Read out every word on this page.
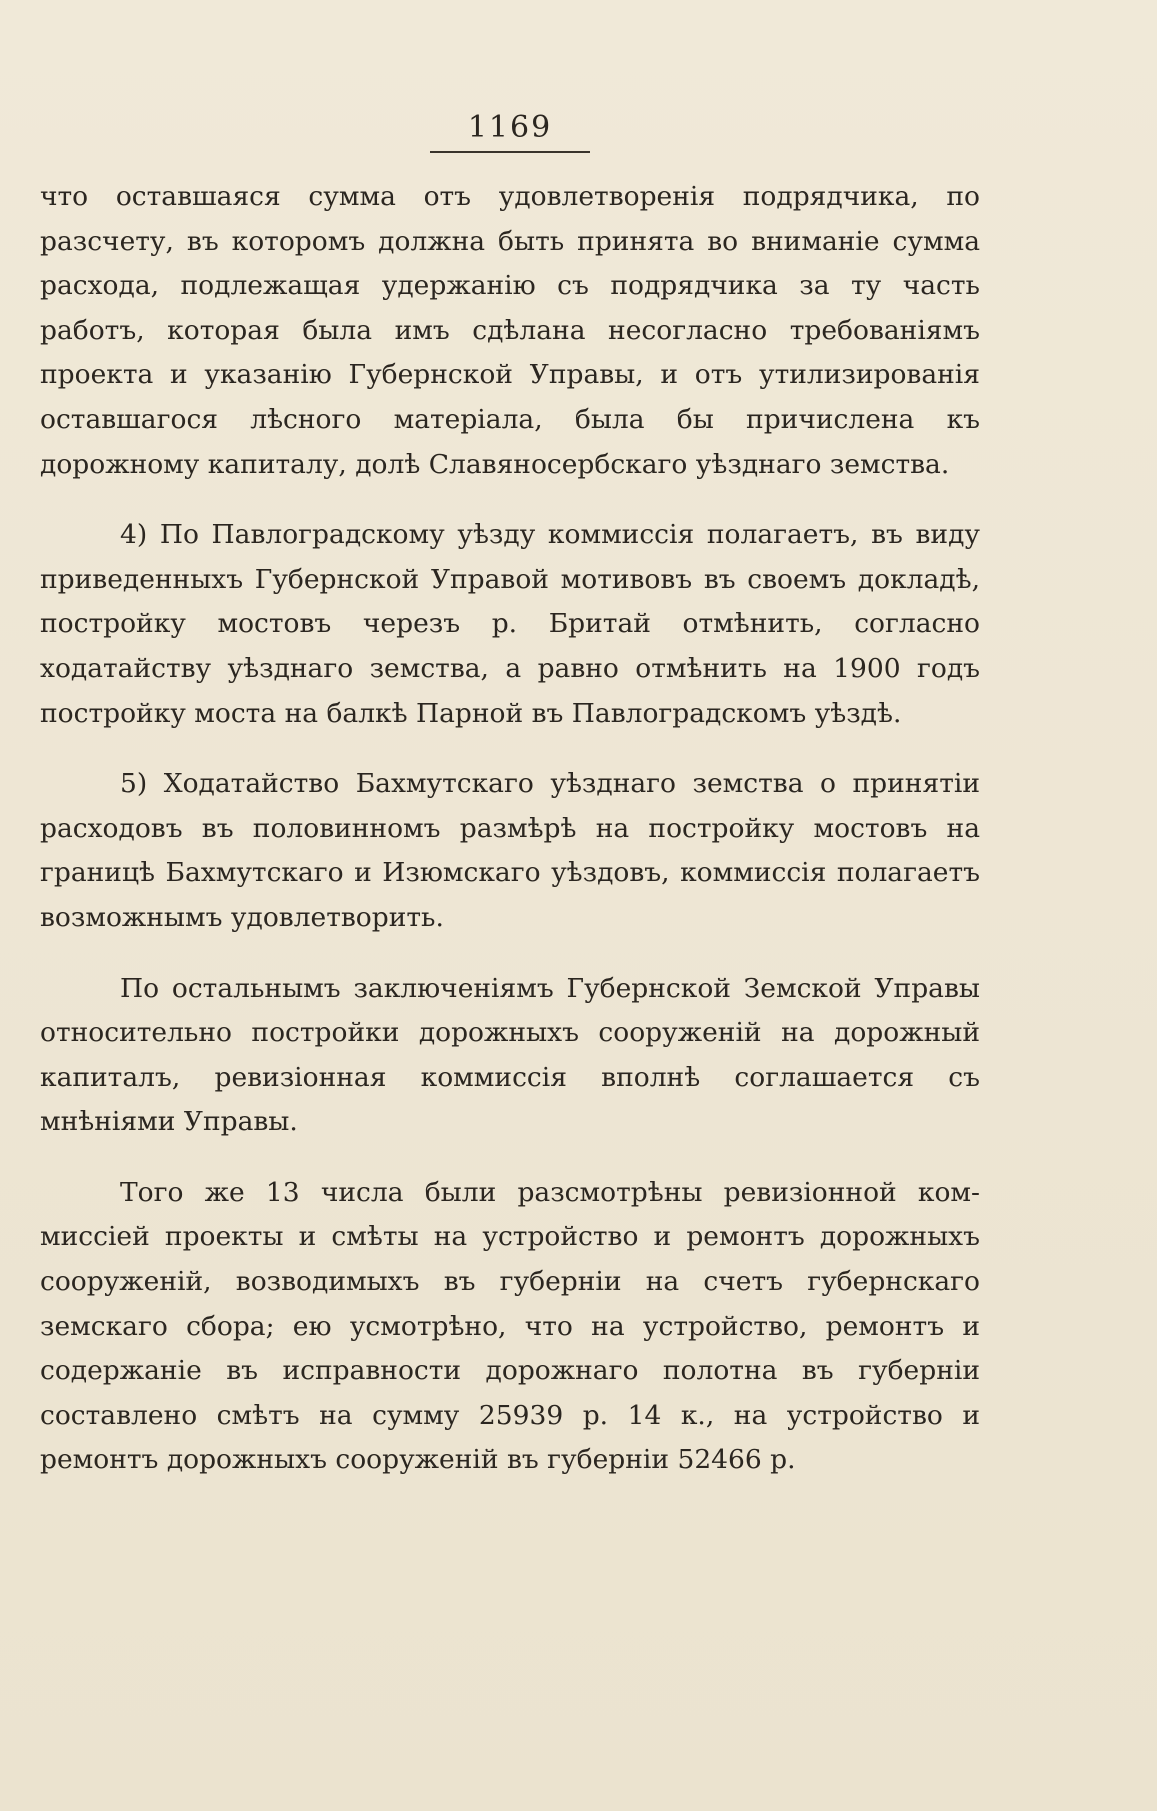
1169

что оставшаяся сумма отъ удовлетворенія подрядчика, по разсчету, въ которомъ должна быть принята во вниманіе сумма расхода, подлежащая удержанію съ подрядчика за ту часть работъ, которая была имъ сдѣлана несогласно требованіямъ проекта и указанію Губернской Управы, и отъ утилизированія оставшагося лѣсного матеріала, была бы причислена къ дорожному капиталу, долѣ Славяносербскаго уѣзднаго земства.

4) По Павлоградскому уѣзду коммиссія полагаетъ, въ виду приведенныхъ Губернской Управой мотивовъ въ своемъ докладѣ, постройку мостовъ черезъ р. Бритай отмѣнить, согласно ходатайству уѣзднаго земства, а равно отмѣнить на 1900 годъ постройку моста на балкѣ Парной въ Павлоградскомъ уѣздѣ.

5) Ходатайство Бахмутскаго уѣзднаго земства о принятіи расходовъ въ половинномъ размѣрѣ на постройку мостовъ на границѣ Бахмутскаго и Изюмскаго уѣздовъ, коммиссія полагаетъ возможнымъ удовлетворить.

По остальнымъ заключеніямъ Губернской Земской Управы относительно постройки дорожныхъ сооруженій на дорожный капиталъ, ревизіонная коммиссія вполнѣ соглашается съ мнѣніями Управы.

Того же 13 числа были разсмотрѣны ревизіонной коммиссіей проекты и смѣты на устройство и ремонтъ дорожныхъ сооруженій, возводимыхъ въ губерніи на счетъ губернскаго земскаго сбора; ею усмотрѣно, что на устройство, ремонтъ и содержаніе въ исправности дорожнаго полотна въ губерніи составлено смѣтъ на сумму 25939 р. 14 к., на устройство и ремонтъ дорожныхъ сооруженій въ губерніи 52466 р.
